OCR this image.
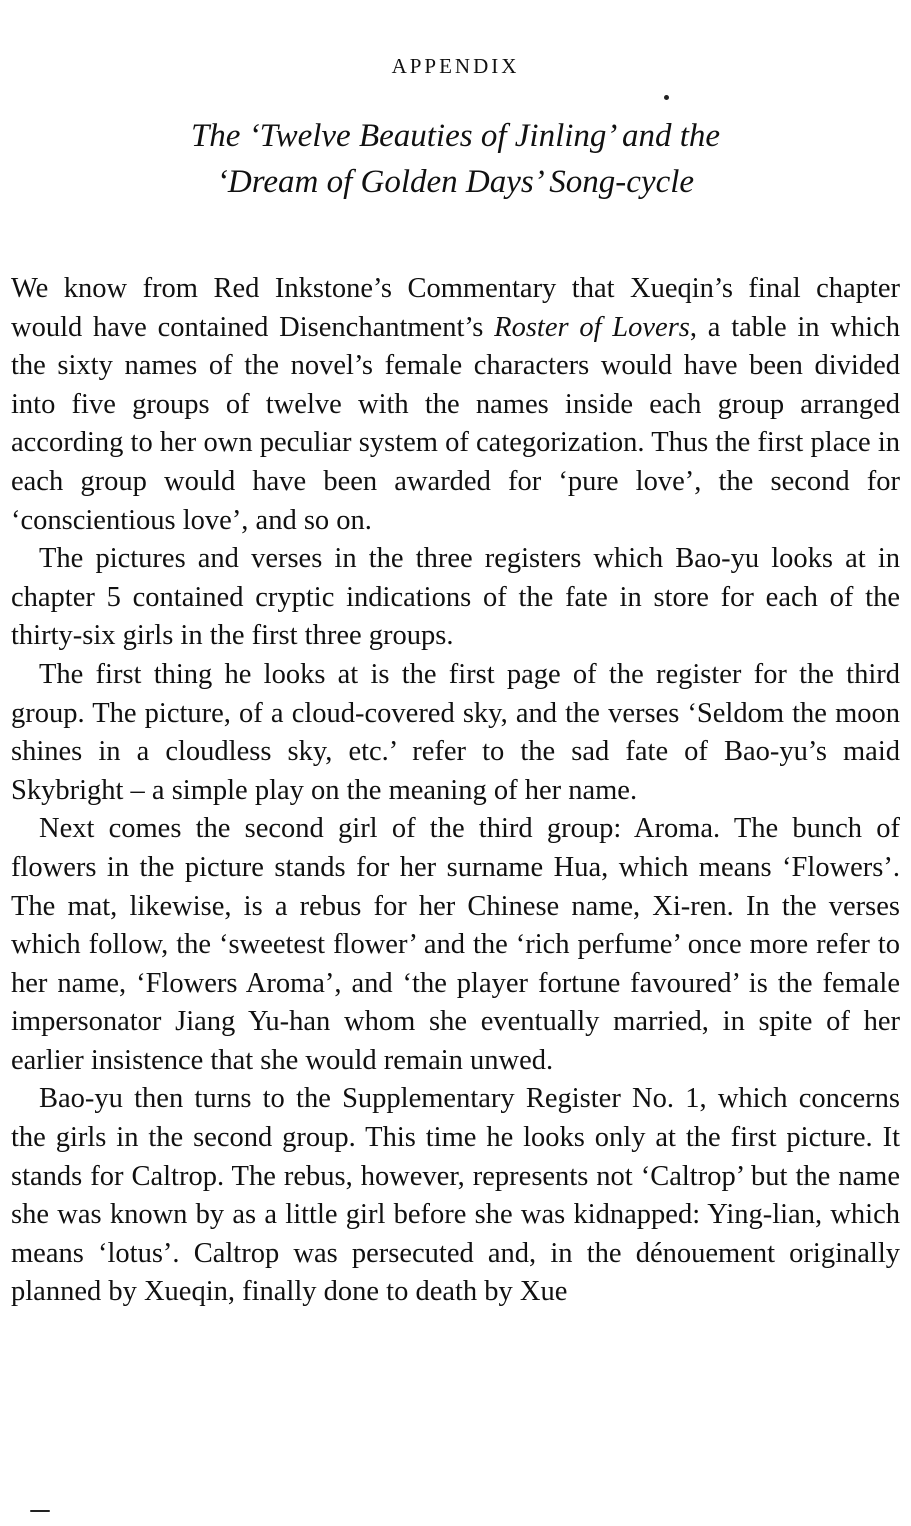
APPENDIX
The ‘Twelve Beauties of Jinling’ and the
‘Dream of Golden Days’ Song-cycle

We know from Red Inkstone’s Commentary that Xueqin’s final chapter would have contained Disenchantment’s Roster of Lovers, a table in which the sixty names of the novel’s female characters would have been divided into five groups of twelve with the names inside each group arranged according to her own peculiar system of categorization. Thus the first place in each group would have been awarded for ‘pure love’, the second for ‘conscientious love’, and so on.

The pictures and verses in the three registers which Bao-yu looks at in chapter 5 contained cryptic indications of the fate in store for each of the thirty-six girls in the first three groups.

The first thing he looks at is the first page of the register for the third group. The picture, of a cloud-covered sky, and the verses ‘Seldom the moon shines in a cloudless sky, etc.’ refer to the sad fate of Bao-yu’s maid Skybright – a simple play on the meaning of her name.

Next comes the second girl of the third group: Aroma. The bunch of flowers in the picture stands for her surname Hua, which means ‘Flowers’. The mat, likewise, is a rebus for her Chinese name, Xi-ren. In the verses which follow, the ‘sweetest flower’ and the ‘rich perfume’ once more refer to her name, ‘Flowers Aroma’, and ‘the player fortune favoured’ is the female impersonator Jiang Yu-han whom she eventually married, in spite of her earlier insistence that she would remain unwed.

Bao-yu then turns to the Supplementary Register No. 1, which concerns the girls in the second group. This time he looks only at the first picture. It stands for Caltrop. The rebus, however, represents not ‘Caltrop’ but the name she was known by as a little girl before she was kidnapped: Ying-lian, which means ‘lotus’. Caltrop was persecuted and, in the dénouement originally planned by Xueqin, finally done to death by Xue
